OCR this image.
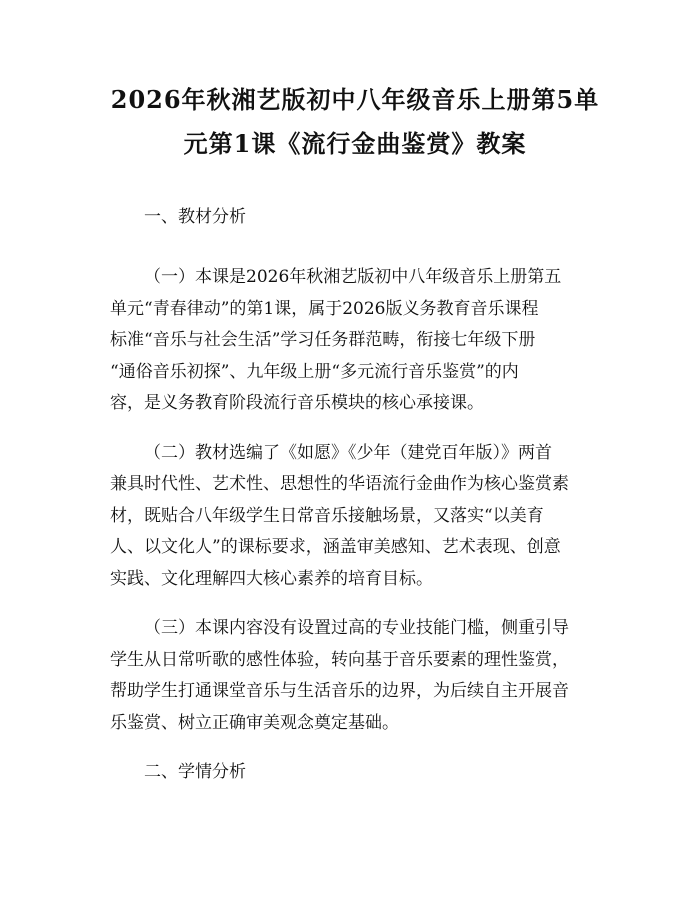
2026年秋湘艺版初中八年级音乐上册第5单
元第1课《流行金曲鉴赏》教案

一、教材分析

（一）本课是2026年秋湘艺版初中八年级音乐上册第五
单元“青春律动”的第1课，属于2026版义务教育音乐课程
标准“音乐与社会生活”学习任务群范畴，衔接七年级下册
“通俗音乐初探”、九年级上册“多元流行音乐鉴赏”的内
容，是义务教育阶段流行音乐模块的核心承接课。

（二）教材选编了《如愿》《少年（建党百年版）》两首
兼具时代性、艺术性、思想性的华语流行金曲作为核心鉴赏素
材，既贴合八年级学生日常音乐接触场景，又落实“以美育
人、以文化人”的课标要求，涵盖审美感知、艺术表现、创意
实践、文化理解四大核心素养的培育目标。

（三）本课内容没有设置过高的专业技能门槛，侧重引导
学生从日常听歌的感性体验，转向基于音乐要素的理性鉴赏，
帮助学生打通课堂音乐与生活音乐的边界，为后续自主开展音
乐鉴赏、树立正确审美观念奠定基础。

二、学情分析
